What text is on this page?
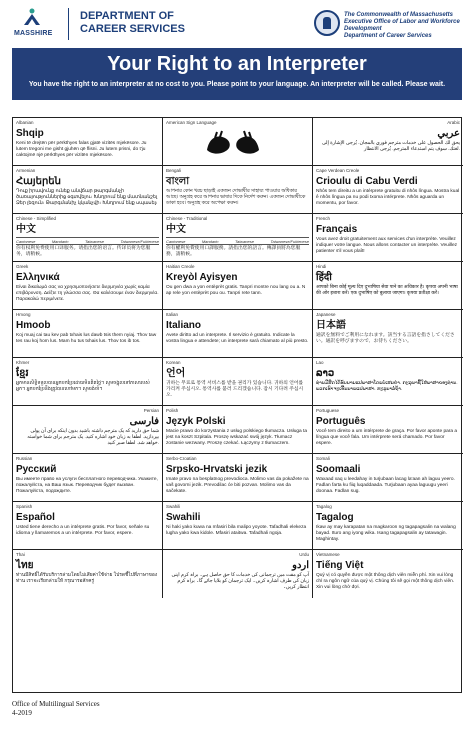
MASSHIRE
DEPARTMENT OF
CAREER SERVICES
The Commonwealth of Massachusetts
Executive Office of Labor and Workforce Development
Department of Career Services
Your Right to an Interpreter
You have the right to an interpreter at no cost to you. Please point to your language. An interpreter will be called. Please wait.
Albanian
Shqip
Keni të drejtën për përkthyes falas gjatë vizitës mjekësore. Ju lutem tregoni me gisht gjuhën që flisni. Ju lutem prisni, do t'ju caktojmë një përkthyes për vizitën mjekësore.
American Sign Language	Arabic
عربي
يحق لك الحصول على خدمات مترجم فوري بالمجان. يُرجى الإشارة إلى لغتك. سوف يتم استدعاء المترجم. يُرجى الانتظار.
Armenian
Հայերեն
Դուք իրավունք ունեք անվճար թարգմանչի ծառայություններից օգտվելու։ Խնդրում ենք մատնանշել Ձեր լեզուն։ Թարգմանիչ կկանչվի։ Խնդրում ենք սպասել։
Bengali
বাংলা
আপনার কোন খরচ ছাড়াই একজন দোভাষীর সাহায্য পাওয়ার অধিকার আছে। অনুগ্রহ করে আপনার ভাষার দিকে নির্দেশ করুন। একজন দোভাষীকে ডাকা হবে। অনুগ্রহ করে অপেক্ষা করুন।
Cape Verdean Creole
Crioulu di Cabu Verdi
Nhôs tem direitu a un intérprete gratuitu di nhôs língua. Mostra kual ê nhôs língua pa nu podi txoma intérprete. Nhôs aguarda un momentu, por favor.
Chinese - Simplified
中文
Cantonese	Mandarin	Taiwanese	Taiwanese/Fukienese
你有权利免费使用口译服务。请指出您的语言。传译员将为您服务，请稍候。
Chinese - Traditional
中文
Cantonese	Mandarin	Taiwanese	Taiwanese/Fukienese
你有權利免費使用口譯服務。請指出您的語言。傳譯員將為您服務，請稍候。
French
Français
Vous avez droit gratuitement aux services d'un interprète. Veuillez indiquer votre langue. Nous allons contacter un interprète. Veuillez patienter s'il vous plaît!
Greek
Ελληνικά
Είναι δικαίωμά σας να χρησιμοποιήσετε διερμηνέα χωρίς καμία επιβάρυνση. Δείξτε τη γλώσσα σας. Θα καλέσουμε έναν διερμηνέα. Παρακαλώ περιμένετε.
Haitian Creole
Kreyòl Ayisyen
Ou gen dwa a yon entèprèt gratis. Tanpri montre nou lang ou a. N ap rele yon entèprèt pou ou. Tanpri rete tann.
Hindi
हिंदी
आपको बिना कोई मूल्य दिए दुभाषिया सेवा पाने का अधिकार है। कृपया अपनी भाषा की ओर इशारा करें। एक दुभाषिए को बुलाया जाएगा। कृपया प्रतीक्षा करें।
Hmong
Hmoob
Koj muaj cai tau kev pab txhais lus dawb tsis them nyiaj. Thov taw tes rau koj hom lus. Mam hu tus txhais lus. Thov tos ib tos.
Italian
Italiano
Avete diritto ad un interprete. Il servizio è gratuito. Indicate la vostra lingua e attendete; un interprete sarà chiamato al più presto.
Japanese
日本語
通訳を無料でご利用になれます。該当する言語を指さしてください。通訳を呼びますので、お待ちください。
Khmer
ខ្មែរ
អ្នកមានសិទ្ធិទទួលបានអ្នកបកប្រែដោយមិនគិតថ្លៃ។ សូមចង្អុលទៅភាសារបស់អ្នក។ អ្នកបកប្រែនឹងត្រូវបានហៅមក។ សូមរង់ចាំ។
Korean
언어
귀하는 무료로 통역 서비스를 받을 권리가 있습니다. 귀하의 언어를 가리켜 주십시오. 통역사를 불러 드리겠습니다. 잠시 기다려 주십시오.
Lao
ລາວ
ທ່ານມີສິດໄດ້ຮັບນາຍແປພາສາໂດຍບໍ່ເສຍຄ່າ. ກະລຸນາຊີ້ໃສ່ພາສາຂອງທ່ານ. ພວກເຮົາຈະເອີ້ນນາຍແປພາສາ. ກະລຸນາລໍຖ້າ.
Persian
فارسی
شما حق دارید که یک مترجم داشته باشید بدون اینکه برای آن پولی بپردازید. لطفا به زبان خود اشاره کنید. یک مترجم برای شما خواسته خواهد شد. لطفا صبر کنید.
Polish
Język Polski
Macie prawo do korzystania z usług polskiego tłumacza. Usługa ta jest na koszt Szpitala. Proszę wskazać swój język. Tłumacz zostanie wezwany. Proszę czekać. Łączymy z tłumaczem.
Portuguese
Português
Você tem direito a um intérprete de graça. Por favor aponte para a língua que você fala. Um intérprete será chamado. Por favor espere.
Russian
Русский
Вы имеете право на услуги бесплатного переводчика. Укажите, пожалуйста, на Ваш язык. Переводчик будет вызван. Пожалуйста, подождите.
Serbo-Croatian
Srpsko-Hrvatski jezik
Imate pravo na besplatnog prevodioca. Molimo vas da pokažete na vaš govorni jezik. Prevodilac će biti pozvan. Molimo vas da sačekate.
Somali
Soomaali
Waxaad xaq u leedahay in turjubaan lacag la'aan ah laguu yeero. Fadlan farta ku fiiq luqaddaada. Turjubaan ayaa laguugu yeeri doonaa. Fadlan sug.
Spanish
Español
Usted tiene derecho a un intérprete gratis. Por favor, señale su idioma y llamaremos a un intérprete. Por favor, espere.
Swahili
Swahili
Ni haki yako kuwa na mfasiri bila malipo yoyote. Tafadhali elekeza lugha yako kwa kidole. Mfasiri ataitwa. Tafadhali ngoja.
Tagalog
Tagalog
Ikaw ay may karapatan na magkaroon ng tagapagsalin na walang bayad. Ituro ang iyong wika. Isang tagapagsalin ay tatawagin. Maghintay.
Thai
ไทย
ท่านมีสิทธิ์ได้รับบริการล่ามโดยไม่เสียค่าใช้จ่าย โปรดชี้ไปที่ภาษาของท่าน เราจะเรียกล่ามให้ กรุณารอสักครู่
Urdu
اردو
آپ کو مفت میں ترجمانی کی خدمات کا حق حاصل ہے۔ براہ کرم اپنی زبان کی طرف اشارہ کریں۔ ایک ترجمان کو بلایا جائے گا۔ براہ کرم انتظار کریں۔
Vietnamese
Tiếng Việt
Quý vị có quyền được một thông dịch viên miễn phí. Xin vui lòng chỉ ra ngôn ngữ của quý vị. Chúng tôi sẽ gọi một thông dịch viên. Xin vui lòng chờ đợi.
Office of Multilingual Services
4-2019
